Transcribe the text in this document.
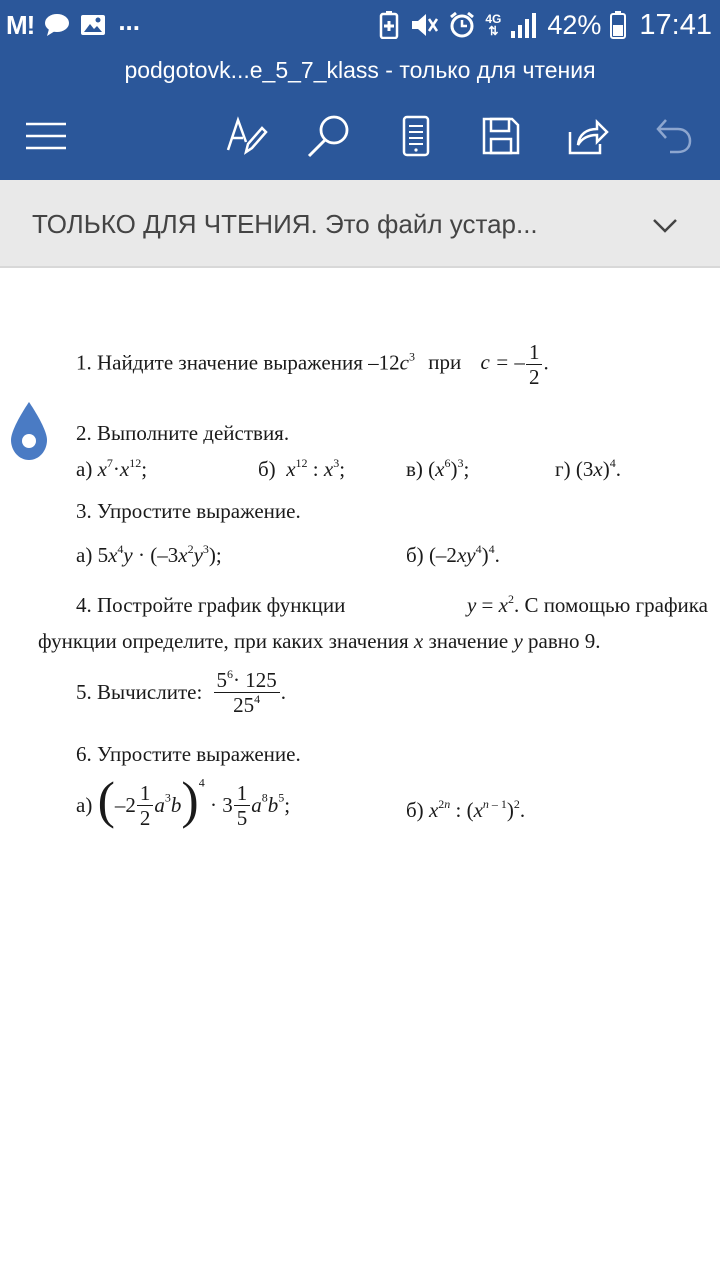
M!	...	4G
⇅ 42% 17:41
podgotovk...e_5_7_klass - только для чтения
ТОЛЬКО ДЛЯ ЧТЕНИЯ. Это файл устар...
1. Найдите значение выражения $-12c^3$ при c = – $\frac{1}{2}$ .
2. Выполните действия.
а) $x^7\cdot x^{12}$;	б) $x^{12}$ : $x^3$;	в) $(x^6)^3$;	г) $(3x)^4$.
3. Упростите выражение.
а) $5x^4y \cdot (-3x^2y^3)$;	б) $(-2xy^4)^4$.
4. Постройте график функции	$y = x^2$. С помощью графика
функции определите, при каких значения x значение y равно 9.
5. Вычислите: $\frac{5^6\cdot 125}{25^4}$ .
6. Упростите выражение.
а) $(-2 \frac{1}{2} a^3b)^4 \cdot 3 \frac{1}{5} a^8b^5$;	б) $x^{2n}$ : $(x^{n - 1})^2$.
